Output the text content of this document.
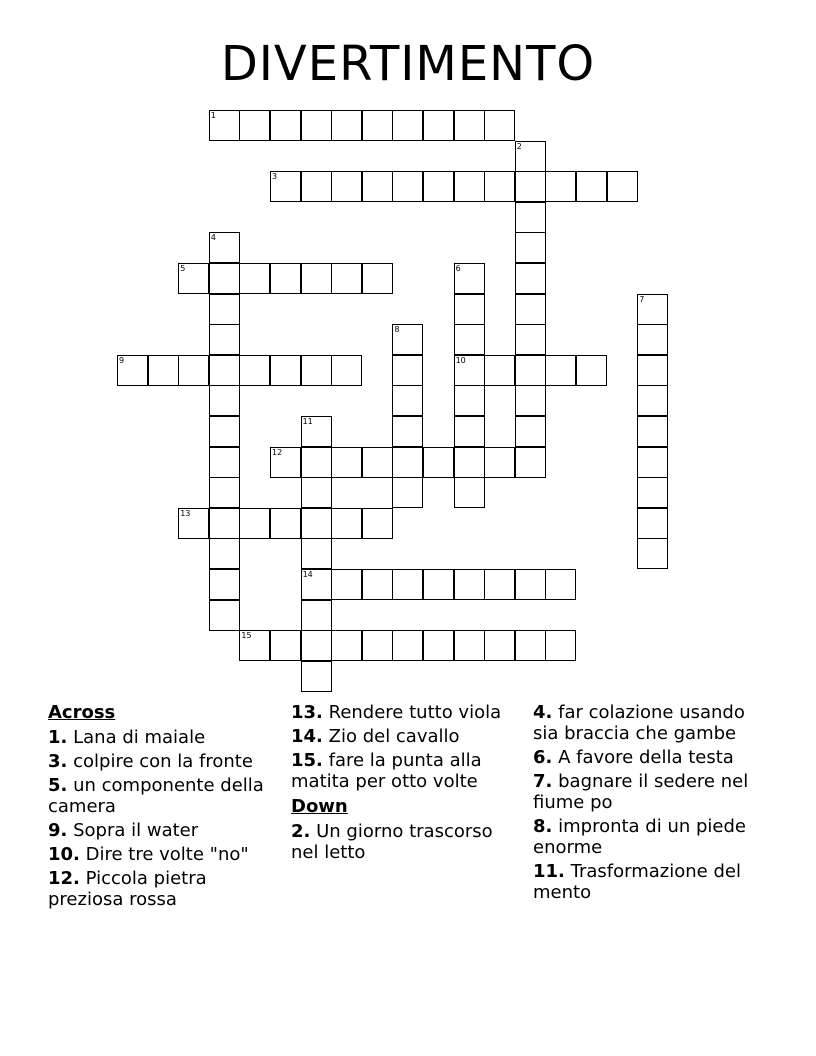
DIVERTIMENTO
1
2
3
4
5	6
10
7
8
9
11
14
12
13
15
Across
1. Lana di maiale
3. colpire con la fronte
5. un componente della camera
9. Sopra il water
10. Dire tre volte "no"
12. Piccola pietra preziosa rossa
13. Rendere tutto viola
14. Zio del cavallo
15. fare la punta alla matita per otto volte
Down
2. Un giorno trascorso nel letto
4. far colazione usando sia braccia che gambe
6. A favore della testa
7. bagnare il sedere nel fiume po
8. impronta di un piede enorme
11. Trasformazione del mento
